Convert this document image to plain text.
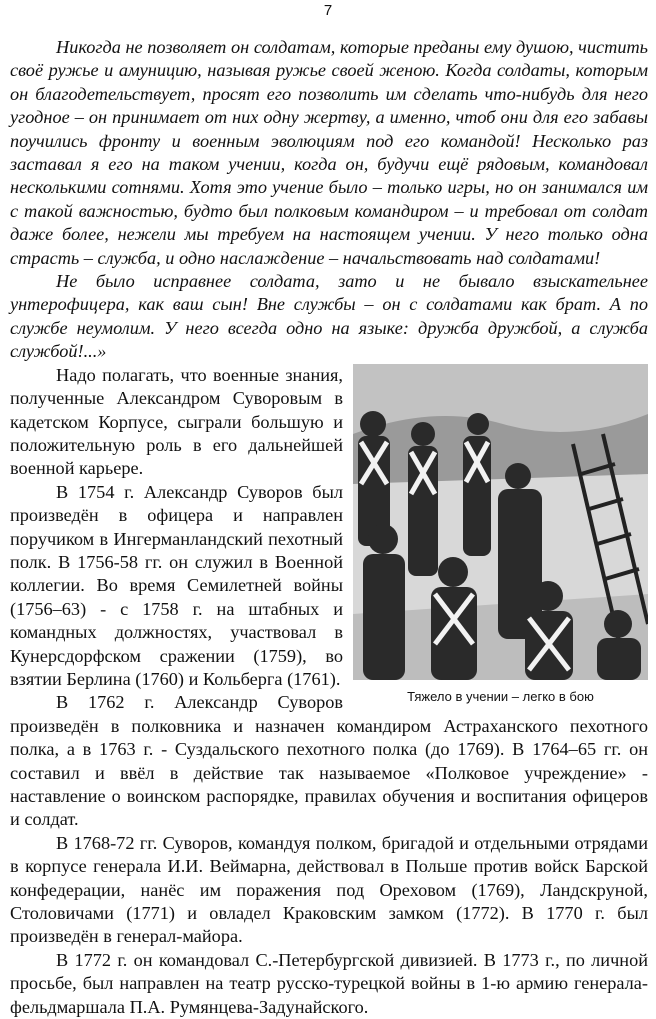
7

Никогда не позволяет он солдатам, которые преданы ему душою, чистить своё ружье и амуницию, называя ружье своей женою. Когда солдаты, которым он благодетельствует, просят его позволить им сделать что-нибудь для него угодное – он принимает от них одну жертву, а именно, чтоб они для его забавы поучились фронту и военным эволюциям под его командой! Несколько раз заставал я его на таком учении, когда он, будучи ещё рядовым, командовал несколькими сотнями. Хотя это учение было – только игры, но он занимался им с такой важностью, будто был полковым командиром – и требовал от солдат даже более, нежели мы требуем на настоящем учении. У него только одна страсть – служба, и одно наслаждение – начальствовать над солдатами!

Не было исправнее солдата, зато и не бывало взыскательнее унтерофицера, как ваш сын! Вне службы – он с солдатами как брат. А по службе неумолим. У него всегда одно на языке: дружба дружбой, а служба службой!...»

Тяжело в учении – легко в бою

Надо полагать, что военные знания, полученные Александром Суворовым в кадетском Корпусе, сыграли большую и положительную роль в его дальнейшей военной карьере.

В 1754 г. Александр Суворов был произведён в офицера и направлен поручиком в Ингерманландский пехотный полк. В 1756-58 гг. он служил в Военной коллегии. Во время Семилетней войны (1756–63) - с 1758 г. на штабных и командных должностях, участвовал в Кунерсдорфском сражении (1759), во взятии Берлина (1760) и Кольберга (1761).

В 1762 г. Александр Суворов произведён в полковника и назначен командиром Астраханского пехотного полка, а в 1763 г. - Суздальского пехотного полка (до 1769). В 1764–65 гг. он составил и ввёл в действие так называемое «Полковое учреждение» - наставление о воинском распорядке, правилах обучения и воспитания офицеров и солдат.

В 1768-72 гг. Суворов, командуя полком, бригадой и отдельными отрядами в корпусе генерала И.И. Веймарна, действовал в Польше против войск Барской конфедерации, нанёс им поражения под Ореховом (1769), Ландскруной, Столовичами (1771) и овладел Краковским замком (1772). В 1770 г. был произведён в генерал-майора.

В 1772 г. он командовал С.-Петербургской дивизией. В 1773 г., по личной просьбе, был направлен на театр русско-турецкой войны в 1-ю армию генерала-фельдмаршала П.А. Румянцева-Задунайского.
